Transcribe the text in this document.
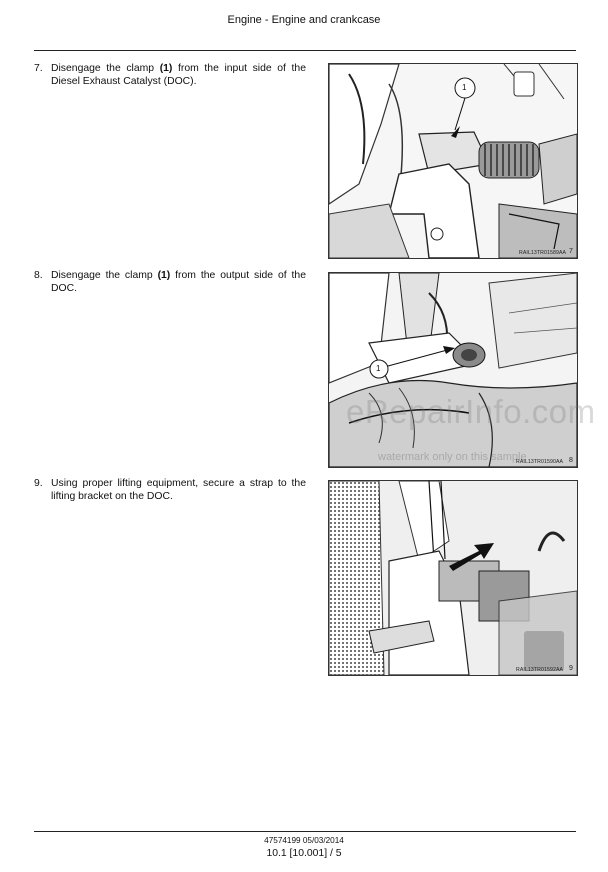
Engine - Engine and crankcase
7. Disengage the clamp (1) from the input side of the Diesel Exhaust Catalyst (DOC).
1
RAIL13TR01589AA 7
8. Disengage the clamp (1) from the output side of the DOC.
1
RAIL13TR01590AA 8
9. Using proper lifting equipment, secure a strap to the lifting bracket on the DOC.
RAIL13TR01592AA 9
eRepairInfo.com
watermark only on this sample
47574199 05/03/2014
10.1 [10.001] / 5
